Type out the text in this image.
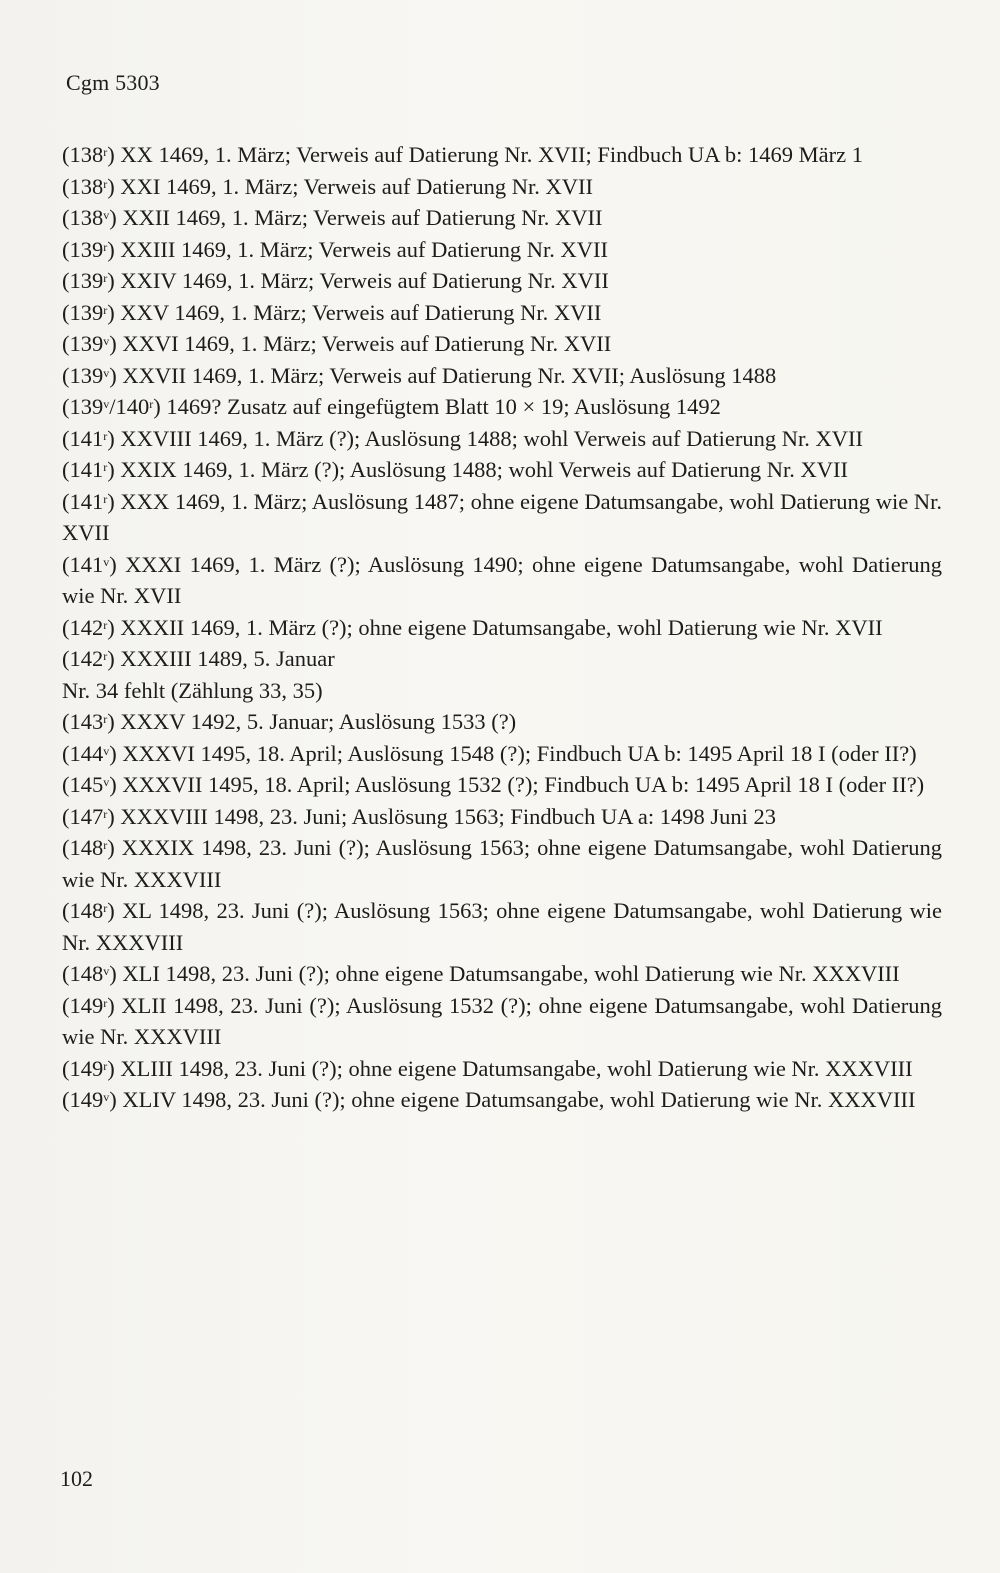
Cgm 5303

(138$^r$) XX 1469, 1. März; Verweis auf Datierung Nr. XVII; Findbuch UA b: 1469 März 1

(138$^r$) XXI 1469, 1. März; Verweis auf Datierung Nr. XVII

(138$^v$) XXII 1469, 1. März; Verweis auf Datierung Nr. XVII

(139$^r$) XXIII 1469, 1. März; Verweis auf Datierung Nr. XVII

(139$^r$) XXIV 1469, 1. März; Verweis auf Datierung Nr. XVII

(139$^r$) XXV 1469, 1. März; Verweis auf Datierung Nr. XVII

(139$^v$) XXVI 1469, 1. März; Verweis auf Datierung Nr. XVII

(139$^v$) XXVII 1469, 1. März; Verweis auf Datierung Nr. XVII; Auslösung 1488

(139$^v$/140$^r$) 1469? Zusatz auf eingefügtem Blatt 10 × 19; Auslösung 1492

(141$^r$) XXVIII 1469, 1. März (?); Auslösung 1488; wohl Verweis auf Datierung Nr. XVII

(141$^r$) XXIX 1469, 1. März (?); Auslösung 1488; wohl Verweis auf Datierung Nr. XVII

(141$^r$) XXX 1469, 1. März; Auslösung 1487; ohne eigene Datumsangabe, wohl Datierung wie Nr. XVII

(141$^v$) XXXI 1469, 1. März (?); Auslösung 1490; ohne eigene Datumsangabe, wohl Datierung wie Nr. XVII

(142$^r$) XXXII 1469, 1. März (?); ohne eigene Datumsangabe, wohl Datierung wie Nr. XVII

(142$^r$) XXXIII 1489, 5. Januar

Nr. 34 fehlt (Zählung 33, 35)

(143$^r$) XXXV 1492, 5. Januar; Auslösung 1533 (?)

(144$^v$) XXXVI 1495, 18. April; Auslösung 1548 (?); Findbuch UA b: 1495 April 18 I (oder II?)

(145$^v$) XXXVII 1495, 18. April; Auslösung 1532 (?); Findbuch UA b: 1495 April 18 I (oder II?)

(147$^r$) XXXVIII 1498, 23. Juni; Auslösung 1563; Findbuch UA a: 1498 Juni 23

(148$^r$) XXXIX 1498, 23. Juni (?); Auslösung 1563; ohne eigene Datumsangabe, wohl Datierung wie Nr. XXXVIII

(148$^r$) XL 1498, 23. Juni (?); Auslösung 1563; ohne eigene Datumsangabe, wohl Datierung wie Nr. XXXVIII

(148$^v$) XLI 1498, 23. Juni (?); ohne eigene Datumsangabe, wohl Datierung wie Nr. XXXVIII

(149$^r$) XLII 1498, 23. Juni (?); Auslösung 1532 (?); ohne eigene Datumsangabe, wohl Datierung wie Nr. XXXVIII

(149$^r$) XLIII 1498, 23. Juni (?); ohne eigene Datumsangabe, wohl Datierung wie Nr. XXXVIII

(149$^v$) XLIV 1498, 23. Juni (?); ohne eigene Datumsangabe, wohl Datierung wie Nr. XXXVIII

102
